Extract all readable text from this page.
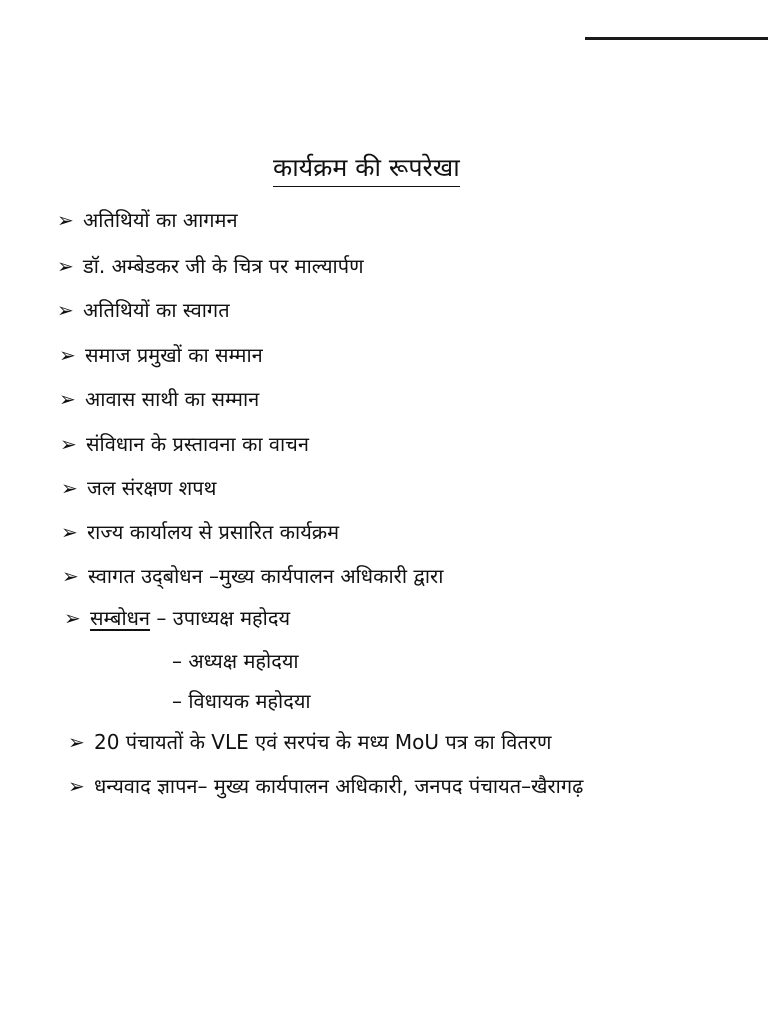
कार्यक्रम की रूपरेखा
➢ अतिथियों का आगमन
➢ डॉ. अम्बेडकर जी के चित्र पर माल्यार्पण
➢ अतिथियों का स्वागत
➢ समाज प्रमुखों का सम्मान
➢ आवास साथी का सम्मान
➢ संविधान के प्रस्तावना का वाचन
➢ जल संरक्षण शपथ
➢ राज्य कार्यालय से प्रसारित कार्यक्रम
➢ स्वागत उद्‌बोधन –मुख्य कार्यपालन अधिकारी द्वारा
➢ सम्बोधन – उपाध्यक्ष महोदय
– अध्यक्ष महोदया
– विधायक महोदया
➢ 20 पंचायतों के VLE एवं सरपंच के मध्य MoU पत्र का वितरण
➢ धन्यवाद ज्ञापन– मुख्य कार्यपालन अधिकारी, जनपद पंचायत–खैरागढ़
